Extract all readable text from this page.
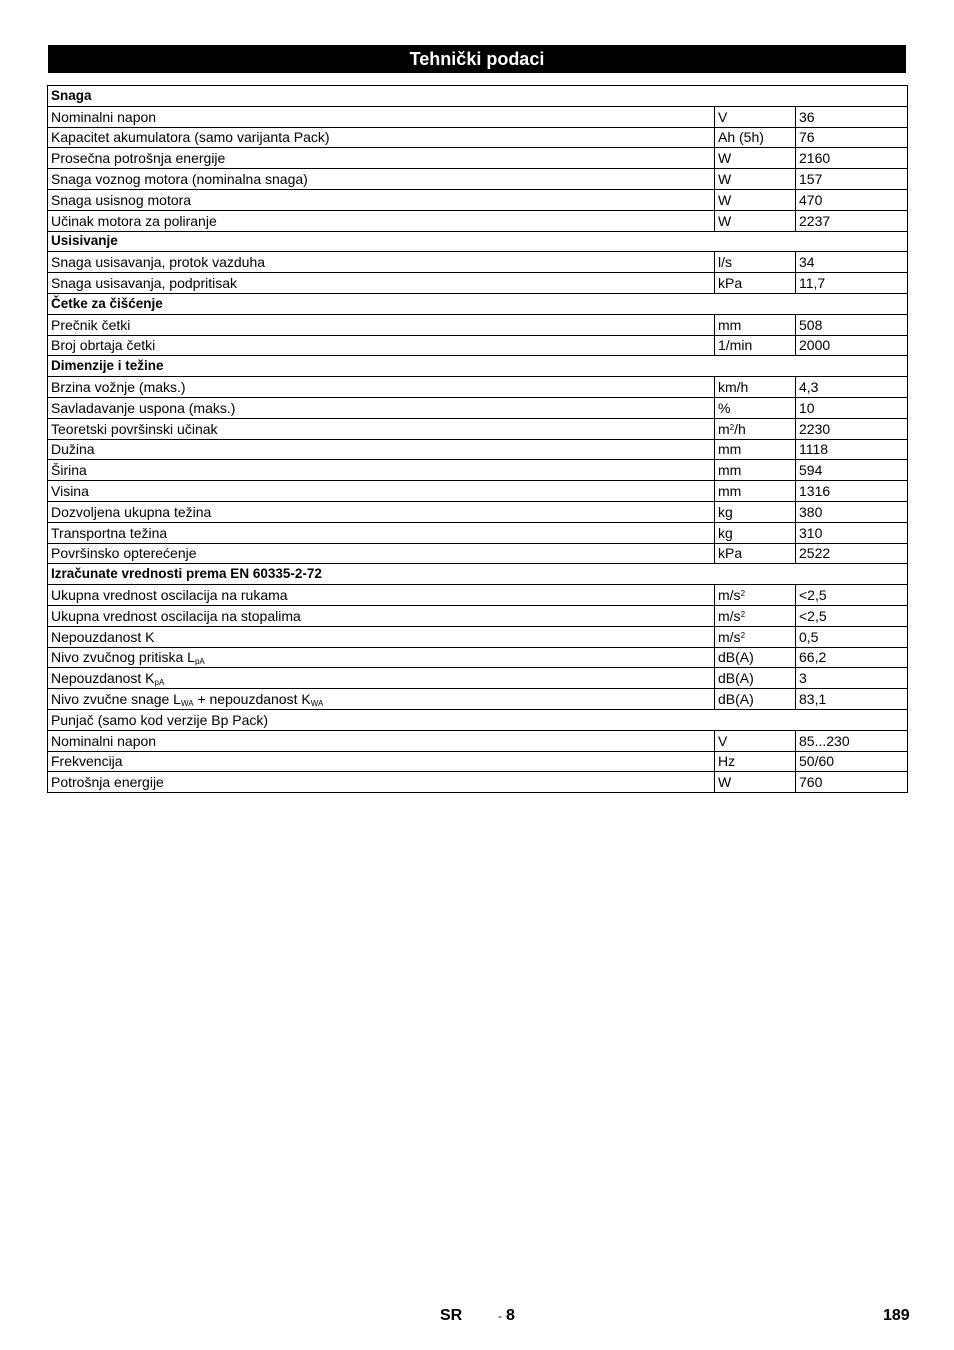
Tehnički podaci
Snaga		
Nominalni napon	V	36
Kapacitet akumulatora (samo varijanta Pack)	Ah (5h)	76
Prosečna potrošnja energije	W	2160
Snaga voznog motora (nominalna snaga)	W	157
Snaga usisnog motora	W	470
Učinak motora za poliranje	W	2237
Usisivanje		
Snaga usisavanja, protok vazduha	l/s	34
Snaga usisavanja, podpritisak	kPa	11,7
Četke za čišćenje		
Prečnik četki	mm	508
Broj obrtaja četki	1/min	2000
Dimenzije i težine		
Brzina vožnje (maks.)	km/h	4,3
Savladavanje uspona (maks.)	%	10
Teoretski površinski učinak	$m^2/h$	2230
Dužina	mm	1118
Širina	mm	594
Visina	mm	1316
Dozvoljena ukupna težina	kg	380
Transportna težina	kg	310
Površinsko opterećenje	kPa	2522
Izračunate vrednosti prema EN 60335-2-72		
Ukupna vrednost oscilacija na rukama	$m/s^2$	<2,5
Ukupna vrednost oscilacija na stopalima	$m/s^2$	<2,5
Nepouzdanost K	$m/s^2$	0,5
Nivo zvučnog pritiska $L_{pA}$	dB(A)	66,2
Nepouzdanost $K_{pA}$	dB(A)	3
Nivo zvučne snage $L_{WA}$ + nepouzdanost $K_{WA}$	dB(A)	83,1
Punjač (samo kod verzije Bp Pack)		
Nominalni napon	V	85...230
Frekvencija	Hz	50/60
Potrošnja energije	W	760
SR	- 8	189
